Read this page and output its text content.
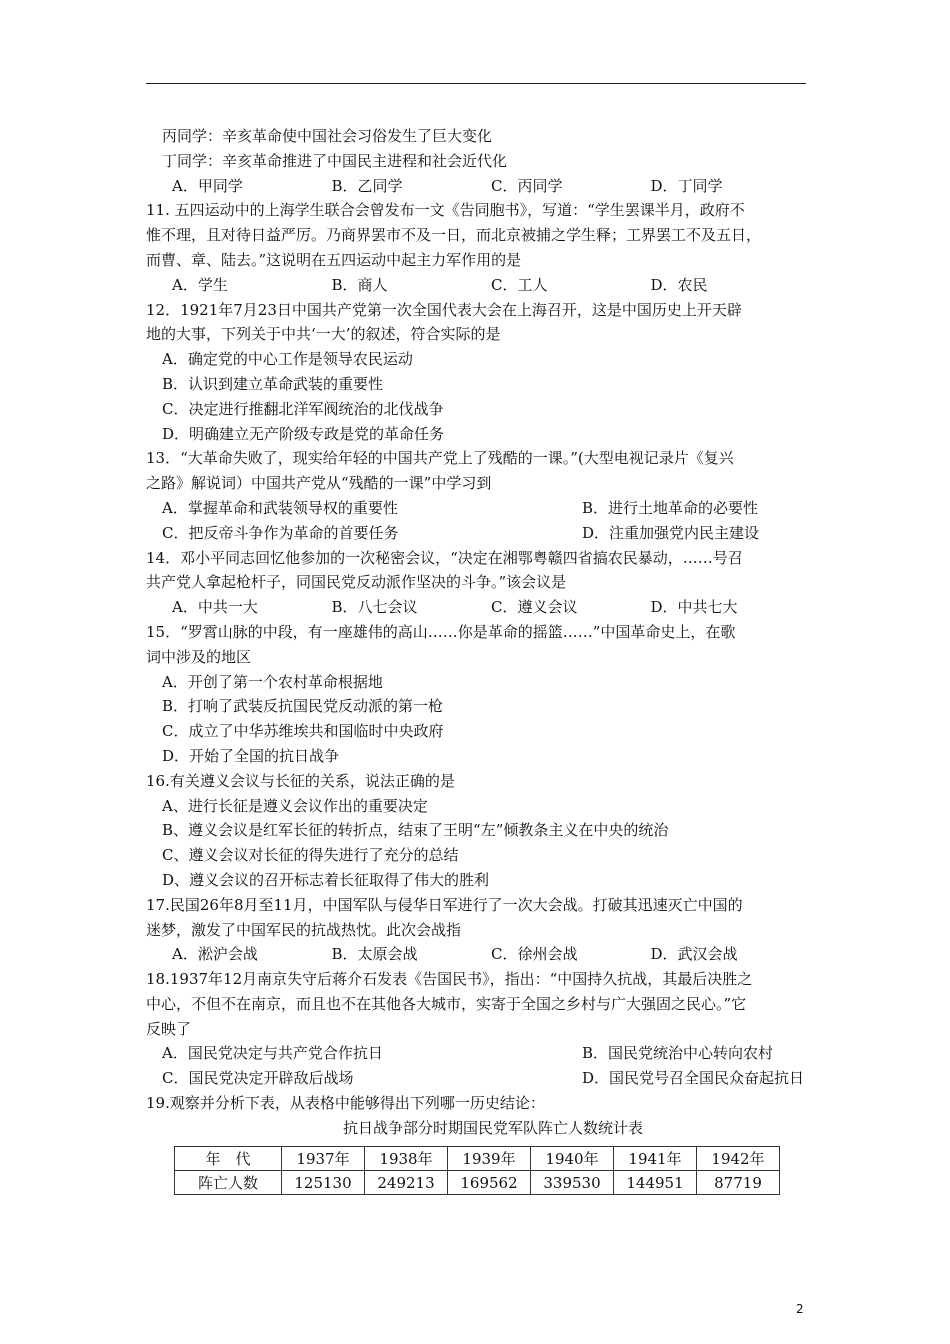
丙同学：辛亥革命使中国社会习俗发生了巨大变化
丁同学：辛亥革命推进了中国民主进程和社会近代化
A．甲同学	B．乙同学	C．丙同学	D．丁同学
11. 五四运动中的上海学生联合会曾发布一文《告同胞书》，写道：“学生罢课半月，政府不
惟不理，且对待日益严厉。乃商界罢市不及一日，而北京被捕之学生释；工界罢工不及五日，
而曹、章、陆去。”这说明在五四运动中起主力军作用的是
A．学生	B．商人	C．工人	D．农民
12．1921年7月23日中国共产党第一次全国代表大会在上海召开，这是中国历史上开天辟
地的大事，下列关于中共‘一大’的叙述，符合实际的是
A．确定党的中心工作是领导农民运动
B．认识到建立革命武装的重要性
C．决定进行推翻北洋军阀统治的北伐战争
D．明确建立无产阶级专政是党的革命任务
13．“大革命失败了，现实给年轻的中国共产党上了残酷的一课。”(大型电视记录片《复兴
之路》解说词）中国共产党从“残酷的一课”中学习到
A．掌握革命和武装领导权的重要性	B．进行土地革命的必要性
C．把反帝斗争作为革命的首要任务	D．注重加强党内民主建设
14．邓小平同志回忆他参加的一次秘密会议，“决定在湘鄂粤赣四省搞农民暴动，……号召
共产党人拿起枪杆子，同国民党反动派作坚决的斗争。”该会议是
A．中共一大	B．八七会议	C．遵义会议	D．中共七大
15．“罗霄山脉的中段，有一座雄伟的高山……你是革命的摇篮……”中国革命史上，在歌
词中涉及的地区
A．开创了第一个农村革命根据地
B．打响了武装反抗国民党反动派的第一枪
C．成立了中华苏维埃共和国临时中央政府
D．开始了全国的抗日战争
16.有关遵义会议与长征的关系，说法正确的是
A、进行长征是遵义会议作出的重要决定
B、遵义会议是红军长征的转折点，结束了王明“左”倾教条主义在中央的统治
C、遵义会议对长征的得失进行了充分的总结
D、遵义会议的召开标志着长征取得了伟大的胜利
17.民国26年8月至11月，中国军队与侵华日军进行了一次大会战。打破其迅速灭亡中国的
迷梦，激发了中国军民的抗战热忱。此次会战指
A．淞沪会战	B．太原会战	C．徐州会战	D．武汉会战
18.1937年12月南京失守后蒋介石发表《告国民书》，指出：“中国持久抗战，其最后决胜之
中心，不但不在南京，而且也不在其他各大城市，实寄于全国之乡村与广大强固之民心。”它
反映了
A．国民党决定与共产党合作抗日	B．国民党统治中心转向农村
C．国民党决定开辟敌后战场	D．国民党号召全国民众奋起抗日
19.观察并分析下表，从表格中能够得出下列哪一历史结论：
抗日战争部分时期国民党军队阵亡人数统计表
年　代	1937年	1938年	1939年	1940年	1941年	1942年
阵亡人数	125130	249213	169562	339530	144951	87719
2
